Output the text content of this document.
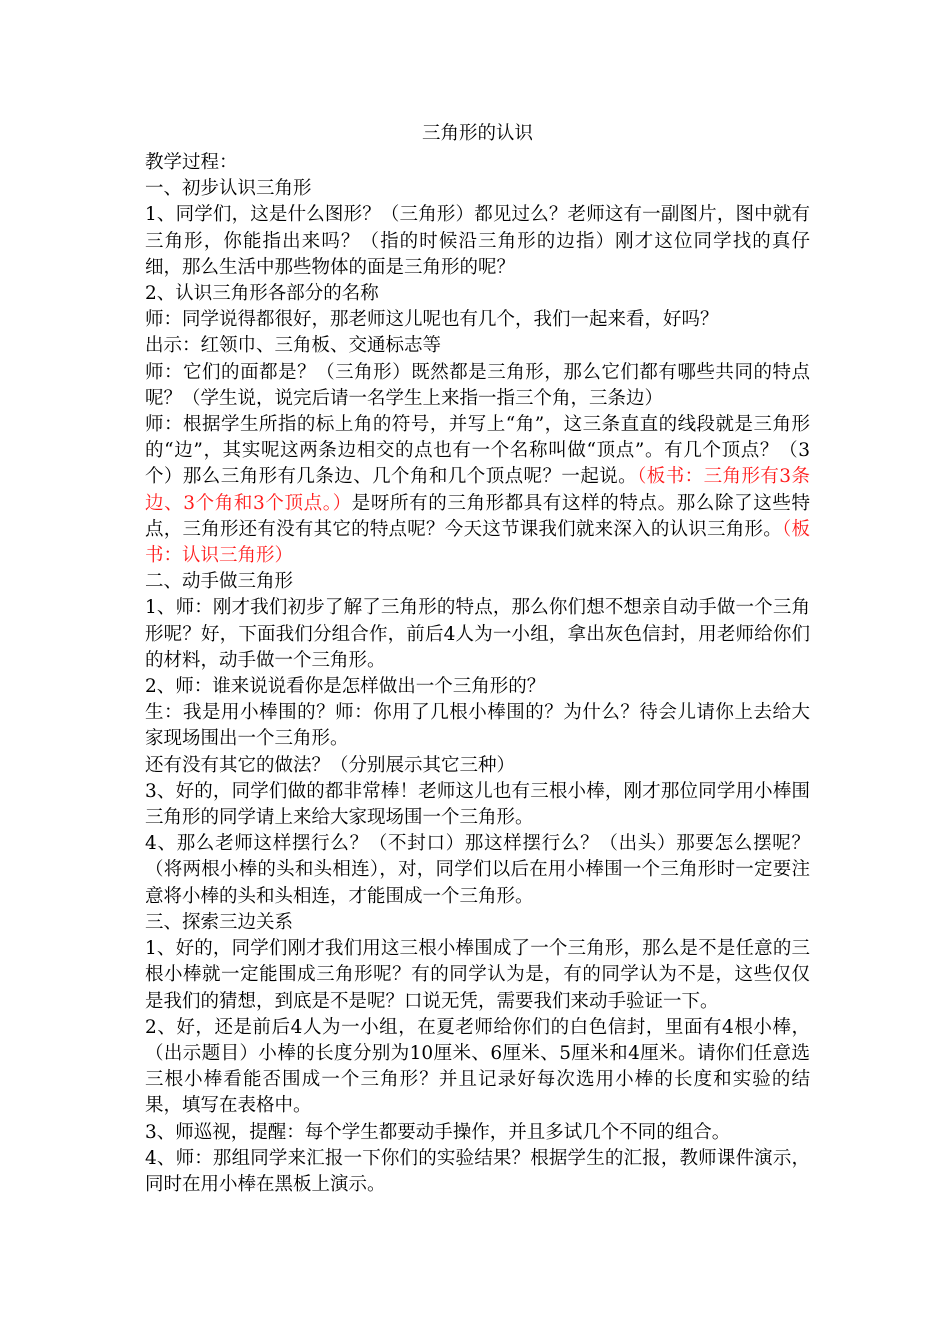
三角形的认识
教学过程：
一、初步认识三角形
1、同学们，这是什么图形？（三角形）都见过么？老师这有一副图片，图中就有三角形，你能指出来吗？（指的时候沿三角形的边指）刚才这位同学找的真仔细，那么生活中那些物体的面是三角形的呢？
2、认识三角形各部分的名称
师：同学说得都很好，那老师这儿呢也有几个，我们一起来看，好吗？
出示：红领巾、三角板、交通标志等
师：它们的面都是？（三角形）既然都是三角形，那么它们都有哪些共同的特点呢？（学生说，说完后请一名学生上来指一指三个角，三条边）
师：根据学生所指的标上角的符号，并写上“角”，这三条直直的线段就是三角形的“边”，其实呢这两条边相交的点也有一个名称叫做“顶点”。有几个顶点？（3个）那么三角形有几条边、几个角和几个顶点呢？一起说。（板书：三角形有3条边、3个角和3个顶点。）是呀所有的三角形都具有这样的特点。那么除了这些特点，三角形还有没有其它的特点呢？今天这节课我们就来深入的认识三角形。（板书：认识三角形）
二、动手做三角形
1、师：刚才我们初步了解了三角形的特点，那么你们想不想亲自动手做一个三角形呢？好，下面我们分组合作，前后4人为一小组，拿出灰色信封，用老师给你们的材料，动手做一个三角形。
2、师：谁来说说看你是怎样做出一个三角形的？
生：我是用小棒围的？师：你用了几根小棒围的？为什么？待会儿请你上去给大家现场围出一个三角形。
还有没有其它的做法？（分别展示其它三种）
3、好的，同学们做的都非常棒！老师这儿也有三根小棒，刚才那位同学用小棒围三角形的同学请上来给大家现场围一个三角形。
4、那么老师这样摆行么？（不封口）那这样摆行么？（出头）那要怎么摆呢？（将两根小棒的头和头相连），对，同学们以后在用小棒围一个三角形时一定要注意将小棒的头和头相连，才能围成一个三角形。
三、探索三边关系
1、好的，同学们刚才我们用这三根小棒围成了一个三角形，那么是不是任意的三根小棒就一定能围成三角形呢？有的同学认为是，有的同学认为不是，这些仅仅是我们的猜想，到底是不是呢？口说无凭，需要我们来动手验证一下。
2、好，还是前后4人为一小组，在夏老师给你们的白色信封，里面有4根小棒，（出示题目）小棒的长度分别为10厘米、6厘米、5厘米和4厘米。请你们任意选三根小棒看能否围成一个三角形？并且记录好每次选用小棒的长度和实验的结果，填写在表格中。
3、师巡视，提醒：每个学生都要动手操作，并且多试几个不同的组合。
4、师：那组同学来汇报一下你们的实验结果？根据学生的汇报，教师课件演示，同时在用小棒在黑板上演示。
